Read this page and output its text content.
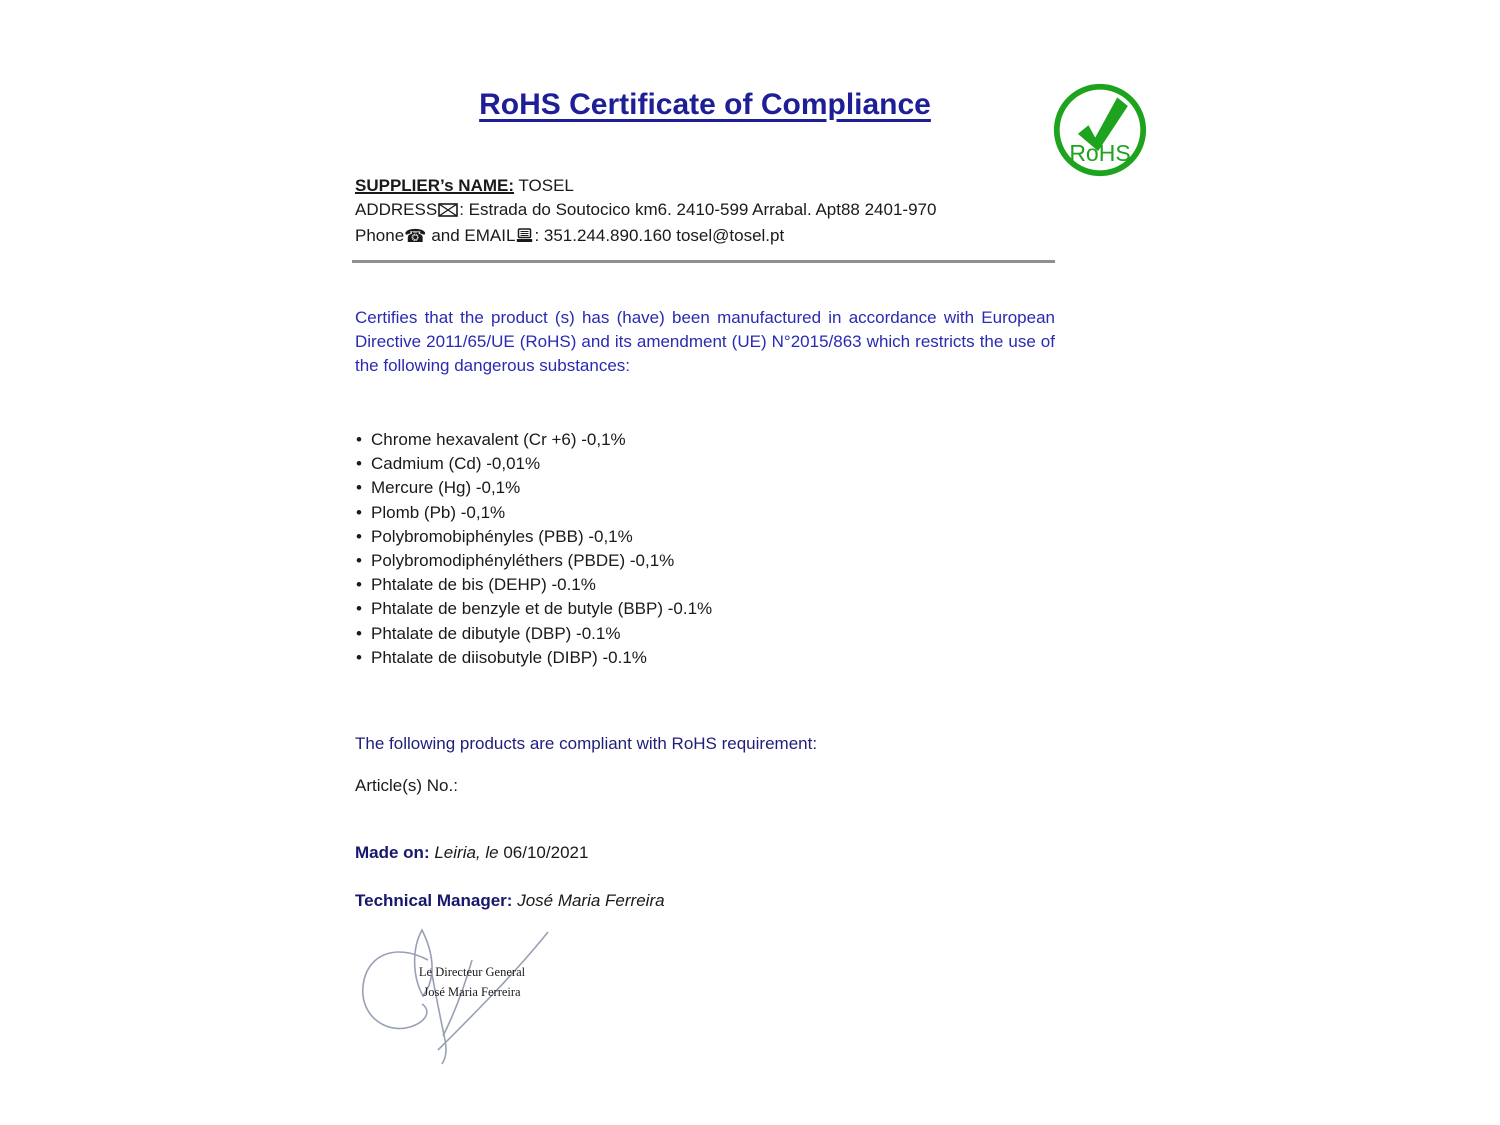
RoHS Certificate of Compliance
RoHS
SUPPLIER’s NAME: TOSEL
ADDRESS : Estrada do Soutocico km6. 2410-599 Arrabal. Apt88 2401-970
Phone☎ and EMAIL : 351.244.890.160 tosel@tosel.pt

Certifies that the product (s) has (have) been manufactured in accordance with European Directive 2011/65/UE (RoHS) and its amendment (UE) N°2015/863 which restricts the use of the following dangerous substances:

• Chrome hexavalent (Cr +6) -0,1%
• Cadmium (Cd) -0,01%
• Mercure (Hg) -0,1%
• Plomb (Pb) -0,1%
• Polybromobiphényles (PBB) -0,1%
• Polybromodiphényléthers (PBDE) -0,1%
• Phtalate de bis (DEHP) -0.1%
• Phtalate de benzyle et de butyle (BBP) -0.1%
• Phtalate de dibutyle (DBP) -0.1%
• Phtalate de diisobutyle (DIBP) -0.1%

The following products are compliant with RoHS requirement:

Article(s) No.:

Made on: Leiria, le 06/10/2021

Technical Manager: José Maria Ferreira

Le Directeur General
José Maria Ferreira
